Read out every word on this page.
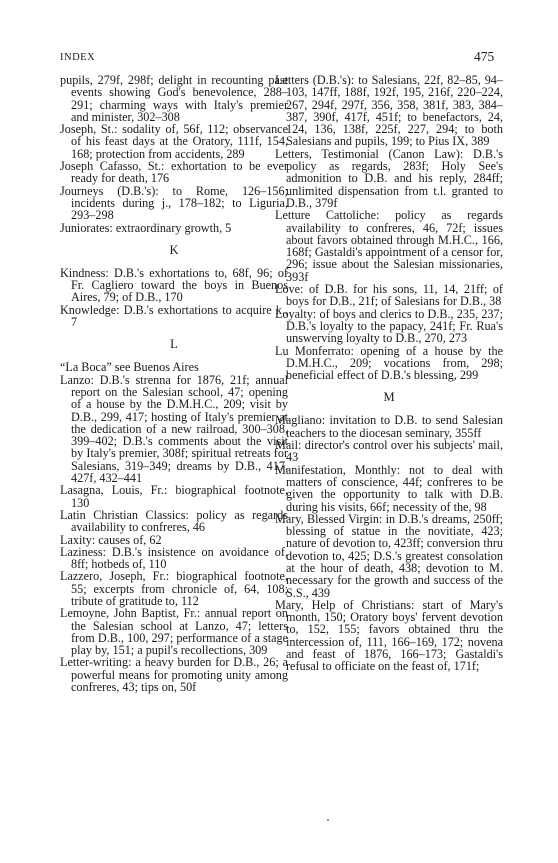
INDEX	475

pupils, 279f, 298f; delight in recounting past events showing God's benevolence, 288–291; charming ways with Italy's premier and minister, 302–308

Joseph, St.: sodality of, 56f, 112; observance of his feast days at the Oratory, 111f, 154, 168; protection from accidents, 289

Joseph Cafasso, St.: exhortation to be ever ready for death, 176

Journeys (D.B.'s): to Rome, 126–156; incidents during j., 178–182; to Liguria, 293–298

Juniorates: extraordinary growth, 5

K

Kindness: D.B.'s exhortations to, 68f, 96; of Fr. Cagliero toward the boys in Buenos Aires, 79; of D.B., 170

Knowledge: D.B.'s exhortations to acquire k., 7

L

“La Boca” see Buenos Aires

Lanzo: D.B.'s strenna for 1876, 21f; annual report on the Salesian school, 47; opening of a house by the D.M.H.C., 209; visit by D.B., 299, 417; hosting of Italy's premier at the dedication of a new railroad, 300–308, 399–402; D.B.'s comments about the visit by Italy's premier, 308f; spiritual retreats for Salesians, 319–349; dreams by D.B., 417, 427f, 432–441

Lasagna, Louis, Fr.: biographical footnote, 130

Latin Christian Classics: policy as regards availability to confreres, 46

Laxity: causes of, 62

Laziness: D.B.'s insistence on avoidance of, 8ff; hotbeds of, 110

Lazzero, Joseph, Fr.: biographical footnote, 55; excerpts from chronicle of, 64, 108; tribute of gratitude to, 112

Lemoyne, John Baptist, Fr.: annual report on the Salesian school at Lanzo, 47; letters from D.B., 100, 297; performance of a stage play by, 151; a pupil's recollections, 309

Letter-writing: a heavy burden for D.B., 26; a powerful means for promoting unity among confreres, 43; tips on, 50f

Letters (D.B.'s): to Salesians, 22f, 82–85, 94–103, 147ff, 188f, 192f, 195, 216f, 220–224, 267, 294f, 297f, 356, 358, 381f, 383, 384–387, 390f, 417f, 451f; to benefactors, 24, 124, 136, 138f, 225f, 227, 294; to both Salesians and pupils, 199; to Pius IX, 389

Letters, Testimonial (Canon Law): D.B.'s policy as regards, 283f; Holy See's admonition to D.B. and his reply, 284ff; unlimited dispensation from t.l. granted to D.B., 379f

Letture Cattoliche: policy as regards availability to confreres, 46, 72f; issues about favors obtained through M.H.C., 166, 168f; Gastaldi's appointment of a censor for, 296; issue about the Salesian missionaries, 393f

Love: of D.B. for his sons, 11, 14, 21ff; of boys for D.B., 21f; of Salesians for D.B., 38

Loyalty: of boys and clerics to D.B., 235, 237; D.B.'s loyalty to the papacy, 241f; Fr. Rua's unswerving loyalty to D.B., 270, 273

Lu Monferrato: opening of a house by the D.M.H.C., 209; vocations from, 298; beneficial effect of D.B.'s blessing, 299

M

Magliano: invitation to D.B. to send Salesian teachers to the diocesan seminary, 355ff

Mail: director's control over his subjects' mail, 43

Manifestation, Monthly: not to deal with matters of conscience, 44f; confreres to be given the opportunity to talk with D.B. during his visits, 66f; necessity of the, 98

Mary, Blessed Virgin: in D.B.'s dreams, 250ff; blessing of statue in the novitiate, 423; nature of devotion to, 423ff; conversion thru devotion to, 425; D.S.'s greatest consolation at the hour of death, 438; devotion to M. necessary for the growth and success of the S.S., 439

Mary, Help of Christians: start of Mary's month, 150; Oratory boys' fervent devotion to, 152, 155; favors obtained thru the intercession of, 111, 166–169, 172; novena and feast of 1876, 166–173; Gastaldi's refusal to officiate on the feast of, 171f;
